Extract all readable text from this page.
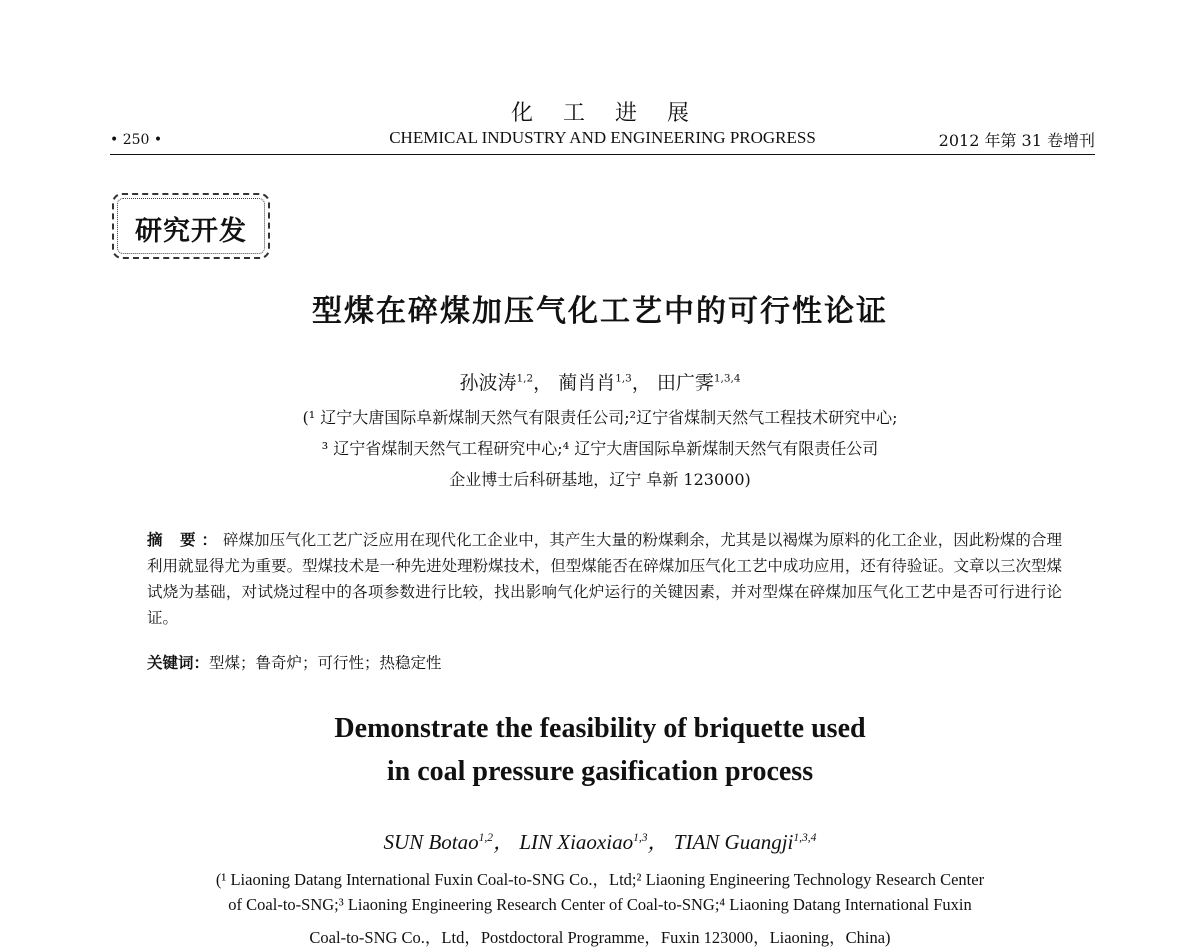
化工进展
• 250 •	CHEMICAL INDUSTRY AND ENGINEERING PROGRESS	2012 年第 31 卷增刊
研究开发
型煤在碎煤加压气化工艺中的可行性论证
孙波涛$^{1,2}$， 蔺肖肖$^{1,3}$， 田广霁$^{1,3,4}$
(¹ 辽宁大唐国际阜新煤制天然气有限责任公司;²辽宁省煤制天然气工程技术研究中心;
³ 辽宁省煤制天然气工程研究中心;⁴ 辽宁大唐国际阜新煤制天然气有限责任公司
企业博士后科研基地，辽宁 阜新 123000)
摘 要：碎煤加压气化工艺广泛应用在现代化工企业中，其产生大量的粉煤剩余，尤其是以褐煤为原料的化工企业，因此粉煤的合理利用就显得尤为重要。型煤技术是一种先进处理粉煤技术，但型煤能否在碎煤加压气化工艺中成功应用，还有待验证。文章以三次型煤试烧为基础，对试烧过程中的各项参数进行比较，找出影响气化炉运行的关键因素，并对型煤在碎煤加压气化工艺中是否可行进行论证。
关键词：型煤；鲁奇炉；可行性；热稳定性
Demonstrate the feasibility of briquette used
in coal pressure gasification process
SUN Botao$^{1,2}$， LIN Xiaoxiao$^{1,3}$， TIAN Guangji$^{1,3,4}$
(¹ Liaoning Datang International Fuxin Coal-to-SNG Co.，Ltd;² Liaoning Engineering Technology Research Center
of Coal-to-SNG;³ Liaoning Engineering Research Center of Coal-to-SNG;⁴ Liaoning Datang International Fuxin
Coal-to-SNG Co.，Ltd，Postdoctoral Programme，Fuxin 123000，Liaoning，China)
